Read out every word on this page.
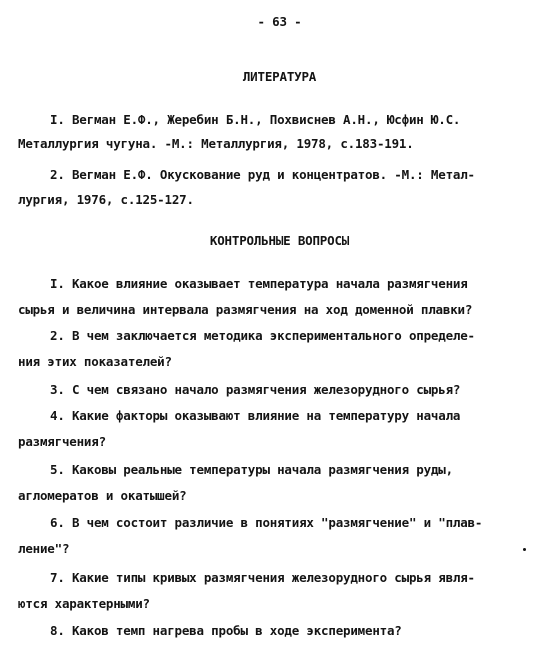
- 63 -
ЛИТЕРАТУРА
I. Вегман Е.Ф., Жеребин Б.Н., Похвиснев А.Н., Юсфин Ю.С.
Металлургия чугуна. -М.: Металлургия, 1978, с.183-191.
2. Вегман Е.Ф. Окускование руд и концентратов. -М.: Метал-
лургия, 1976, с.125-127.
КОНТРОЛЬНЫЕ ВОПРОСЫ
I. Какое влияние оказывает температура начала размягчения
сырья и величина интервала размягчения на ход доменной плавки?
2. В чем заключается методика экспериментального определе-
ния этих показателей?
3. С чем связано начало размягчения железорудного сырья?
4. Какие факторы оказывают влияние на температуру начала
размягчения?
5. Каковы реальные температуры начала размягчения руды,
агломератов и окатышей?
6. В чем состоит различие в понятиях "размягчение" и "плав-
ление"?
7. Какие типы кривых размягчения железорудного сырья явля-
ются характерными?
8. Каков темп нагрева пробы в ходе эксперимента?
